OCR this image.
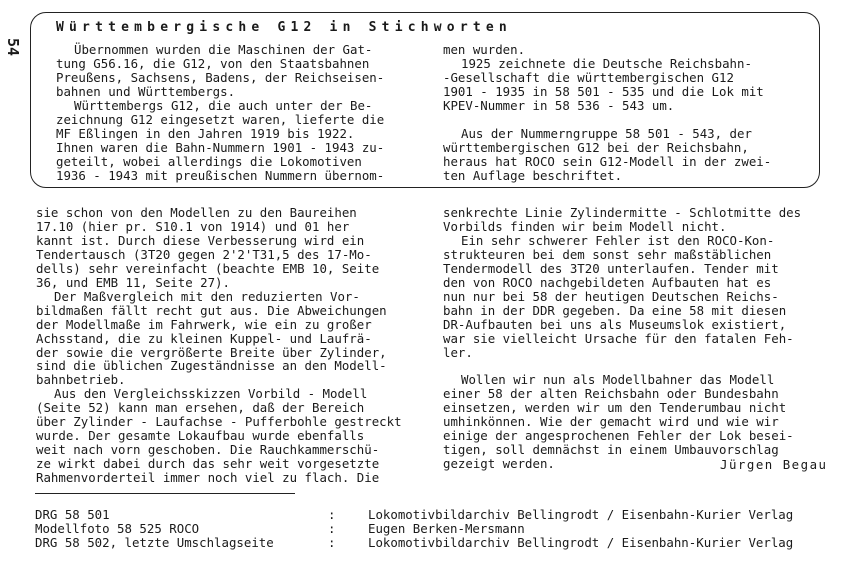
54
Württembergische G12 in Stichworten

Übernommen wurden die Maschinen der Gat-
tung G56.16, die G12, von den Staatsbahnen
Preußens, Sachsens, Badens, der Reichseisen-
bahnen und Württembergs.

Württembergs G12, die auch unter der Be-
zeichnung G12 eingesetzt waren, lieferte die
MF Eßlingen in den Jahren 1919 bis 1922.
Ihnen waren die Bahn-Nummern 1901 - 1943 zu-
geteilt, wobei allerdings die Lokomotiven
1936 - 1943 mit preußischen Nummern übernom-

men wurden.

1925 zeichnete die Deutsche Reichsbahn-
-Gesellschaft die württembergischen G12
1901 - 1935 in 58 501 - 535 und die Lok mit
KPEV-Nummer in 58 536 - 543 um.

Aus der Nummerngruppe 58 501 - 543, der
württembergischen G12 bei der Reichsbahn,
heraus hat ROCO sein G12-Modell in der zwei-
ten Auflage beschriftet.

sie schon von den Modellen zu den Baureihen
17.10 (hier pr. S10.1 von 1914) und 01 her
kannt ist. Durch diese Verbesserung wird ein
Tendertausch (3T20 gegen 2'2'T31,5 des 17-Mo-
dells) sehr vereinfacht (beachte EMB 10, Seite
36, und EMB 11, Seite 27).

Der Maßvergleich mit den reduzierten Vor-
bildmaßen fällt recht gut aus. Die Abweichungen
der Modellmaße im Fahrwerk, wie ein zu großer
Achsstand, die zu kleinen Kuppel- und Laufrä-
der sowie die vergrößerte Breite über Zylinder,
sind die üblichen Zugeständnisse an den Modell-
bahnbetrieb.

Aus den Vergleichsskizzen Vorbild - Modell
(Seite 52) kann man ersehen, daß der Bereich
über Zylinder - Laufachse - Pufferbohle gestreckt
wurde. Der gesamte Lokaufbau wurde ebenfalls
weit nach vorn geschoben. Die Rauchkammerschü-
ze wirkt dabei durch das sehr weit vorgesetzte
Rahmenvorderteil immer noch viel zu flach. Die

senkrechte Linie Zylindermitte - Schlotmitte des
Vorbilds finden wir beim Modell nicht.

Ein sehr schwerer Fehler ist den ROCO-Kon-
strukteuren bei dem sonst sehr maßstäblichen
Tendermodell des 3T20 unterlaufen. Tender mit
den von ROCO nachgebildeten Aufbauten hat es
nun nur bei 58 der heutigen Deutschen Reichs-
bahn in der DDR gegeben. Da eine 58 mit diesen
DR-Aufbauten bei uns als Museumslok existiert,
war sie vielleicht Ursache für den fatalen Feh-
ler.

Wollen wir nun als Modellbahner das Modell
einer 58 der alten Reichsbahn oder Bundesbahn
einsetzen, werden wir um den Tenderumbau nicht
umhinkönnen. Wie der gemacht wird und wie wir
einige der angesprochenen Fehler der Lok besei-
tigen, soll demnächst in einem Umbauvorschlag
gezeigt werden.	Jürgen Begau
DRG 58 501	:	Lokomotivbildarchiv Bellingrodt / Eisenbahn-Kurier Verlag
Modellfoto 58 525 ROCO	:	Eugen Berken-Mersmann
DRG 58 502, letzte Umschlagseite	:	Lokomotivbildarchiv Bellingrodt / Eisenbahn-Kurier Verlag
